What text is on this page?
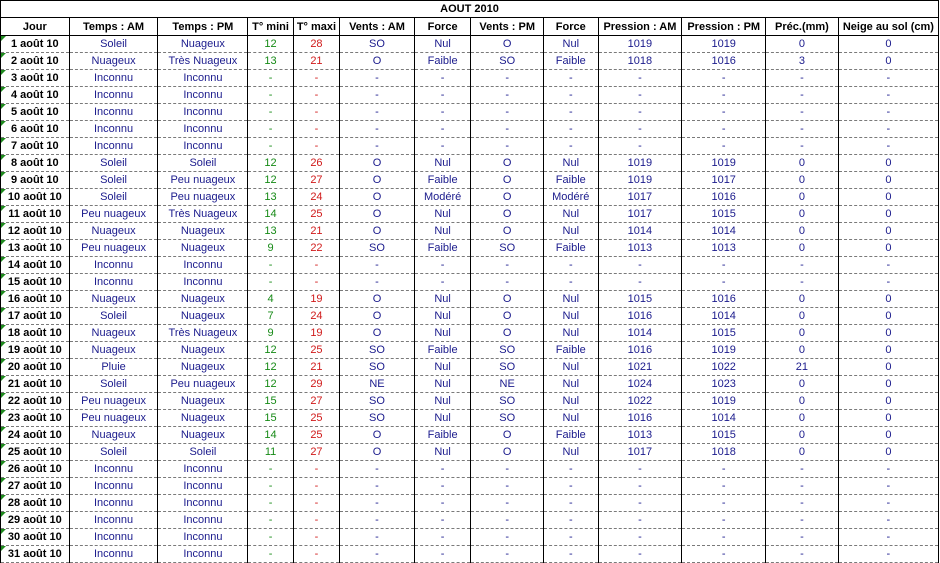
AOUT 2010												
Jour	Temps : AM	Temps : PM	T° mini	T° maxi	Vents : AM	Force	Vents : PM	Force	Pression : AM	Pression : PM	Préc.(mm)	Neige au sol (cm)
1 août 10	Soleil	Nuageux	12	28	SO	Nul	O	Nul	1019	1019	0	0
2 août 10	Nuageux	Très Nuageux	13	21	O	Faible	SO	Faible	1018	1016	3	0
3 août 10	Inconnu	Inconnu	-	-	-	-	-	-	-	-	-	-
4 août 10	Inconnu	Inconnu	-	-	-	-	-	-	-	-	-	-
5 août 10	Inconnu	Inconnu	-	-	-	-	-	-	-	-	-	-
6 août 10	Inconnu	Inconnu	-	-	-	-	-	-	-	-	-	-
7 août 10	Inconnu	Inconnu	-	-	-	-	-	-	-	-	-	-
8 août 10	Soleil	Soleil	12	26	O	Nul	O	Nul	1019	1019	0	0
9 août 10	Soleil	Peu nuageux	12	27	O	Faible	O	Faible	1019	1017	0	0
10 août 10	Soleil	Peu nuageux	13	24	O	Modéré	O	Modéré	1017	1016	0	0
11 août 10	Peu nuageux	Très Nuageux	14	25	O	Nul	O	Nul	1017	1015	0	0
12 août 10	Nuageux	Nuageux	13	21	O	Nul	O	Nul	1014	1014	0	0
13 août 10	Peu nuageux	Nuageux	9	22	SO	Faible	SO	Faible	1013	1013	0	0
14 août 10	Inconnu	Inconnu	-	-	-	-	-	-	-	-	-	-
15 août 10	Inconnu	Inconnu	-	-	-	-	-	-	-	-	-	-
16 août 10	Nuageux	Nuageux	4	19	O	Nul	O	Nul	1015	1016	0	0
17 août 10	Soleil	Nuageux	7	24	O	Nul	O	Nul	1016	1014	0	0
18 août 10	Nuageux	Très Nuageux	9	19	O	Nul	O	Nul	1014	1015	0	0
19 août 10	Nuageux	Nuageux	12	25	SO	Faible	SO	Faible	1016	1019	0	0
20 août 10	Pluie	Nuageux	12	21	SO	Nul	SO	Nul	1021	1022	21	0
21 août 10	Soleil	Peu nuageux	12	29	NE	Nul	NE	Nul	1024	1023	0	0
22 août 10	Peu nuageux	Nuageux	15	27	SO	Nul	SO	Nul	1022	1019	0	0
23 août 10	Peu nuageux	Nuageux	15	25	SO	Nul	SO	Nul	1016	1014	0	0
24 août 10	Nuageux	Nuageux	14	25	O	Faible	O	Faible	1013	1015	0	0
25 août 10	Soleil	Soleil	11	27	O	Nul	O	Nul	1017	1018	0	0
26 août 10	Inconnu	Inconnu	-	-	-	-	-	-	-	-	-	-
27 août 10	Inconnu	Inconnu	-	-	-	-	-	-	-	-	-	-
28 août 10	Inconnu	Inconnu	-	-	-	-	-	-	-	-	-	-
29 août 10	Inconnu	Inconnu	-	-	-	-	-	-	-	-	-	-
30 août 10	Inconnu	Inconnu	-	-	-	-	-	-	-	-	-	-
31 août 10	Inconnu	Inconnu	-	-	-	-	-	-	-	-	-	-
